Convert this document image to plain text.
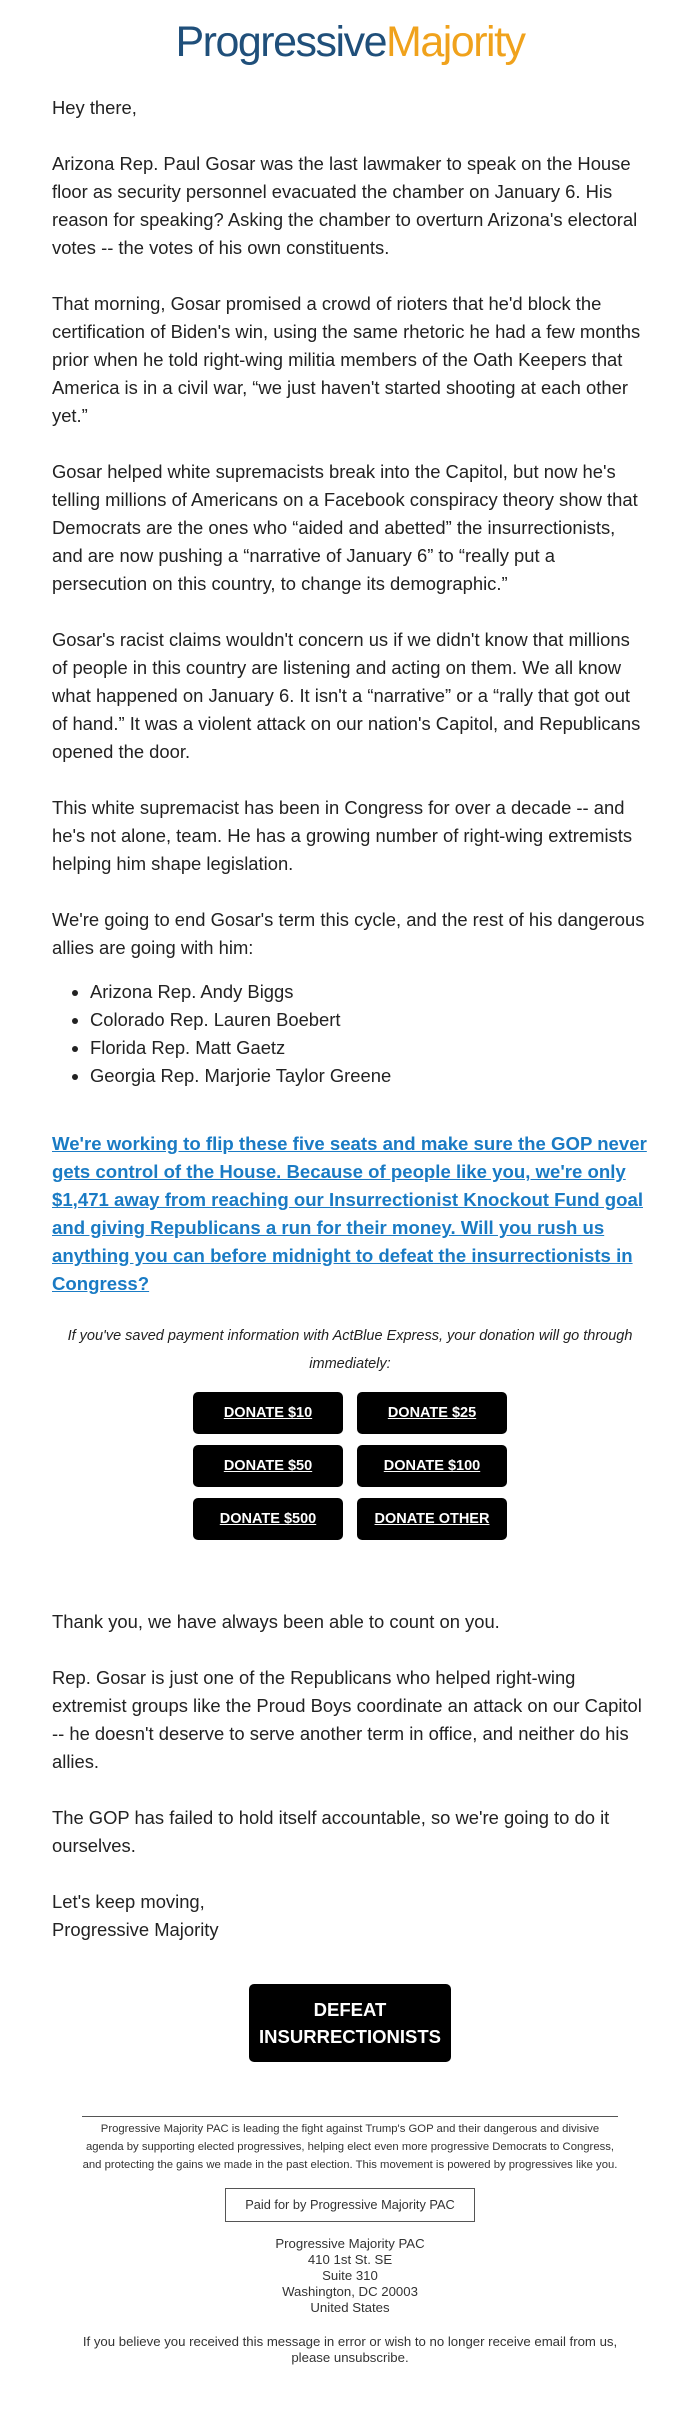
Progressive Majority

Hey there,

Arizona Rep. Paul Gosar was the last lawmaker to speak on the House floor as security personnel evacuated the chamber on January 6. His reason for speaking? Asking the chamber to overturn Arizona's electoral votes -- the votes of his own constituents.

That morning, Gosar promised a crowd of rioters that he'd block the certification of Biden's win, using the same rhetoric he had a few months prior when he told right-wing militia members of the Oath Keepers that America is in a civil war, “we just haven't started shooting at each other yet.”

Gosar helped white supremacists break into the Capitol, but now he's telling millions of Americans on a Facebook conspiracy theory show that Democrats are the ones who “aided and abetted” the insurrectionists, and are now pushing a “narrative of January 6” to “really put a persecution on this country, to change its demographic.”

Gosar's racist claims wouldn't concern us if we didn't know that millions of people in this country are listening and acting on them. We all know what happened on January 6. It isn't a “narrative” or a “rally that got out of hand.” It was a violent attack on our nation's Capitol, and Republicans opened the door.

This white supremacist has been in Congress for over a decade -- and he's not alone, team. He has a growing number of right-wing extremists helping him shape legislation.

We're going to end Gosar's term this cycle, and the rest of his dangerous allies are going with him:

• Arizona Rep. Andy Biggs
• Colorado Rep. Lauren Boebert
• Florida Rep. Matt Gaetz
• Georgia Rep. Marjorie Taylor Greene
We're working to flip these five seats and make sure the GOP never gets control of the House. Because of people like you, we're only $1,471 away from reaching our Insurrectionist Knockout Fund goal and giving Republicans a run for their money. Will you rush us anything you can before midnight to defeat the insurrectionists in Congress?
If you've saved payment information with ActBlue Express, your donation will go through immediately:
DONATE $10	DONATE $25
DONATE $50	DONATE $100
DONATE $500	DONATE OTHER

Thank you, we have always been able to count on you.

Rep. Gosar is just one of the Republicans who helped right-wing extremist groups like the Proud Boys coordinate an attack on our Capitol -- he doesn't deserve to serve another term in office, and neither do his allies.

The GOP has failed to hold itself accountable, so we're going to do it ourselves.

Let's keep moving,
Progressive Majority

DEFEAT
INSURRECTIONISTS
Progressive Majority PAC is leading the fight against Trump's GOP and their dangerous and divisive agenda by supporting elected progressives, helping elect even more progressive Democrats to Congress, and protecting the gains we made in the past election. This movement is powered by progressives like you.
Paid for by Progressive Majority PAC
Progressive Majority PAC
410 1st St. SE
Suite 310
Washington, DC 20003
United States
If you believe you received this message in error or wish to no longer receive email from us, please unsubscribe.
